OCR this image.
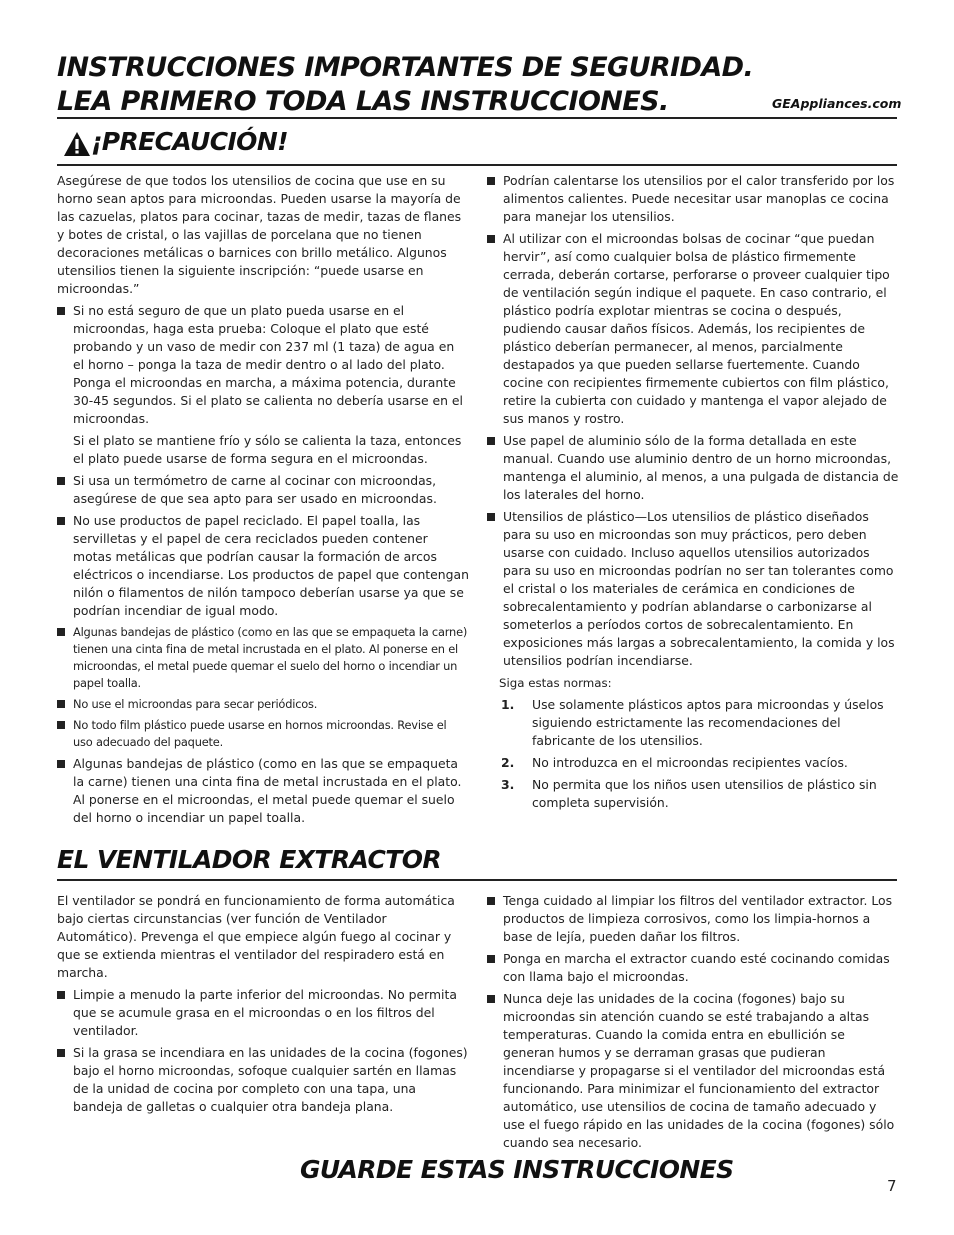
INSTRUCCIONES IMPORTANTES DE SEGURIDAD.
LEA PRIMERO TODA LAS INSTRUCCIONES.	GEAppliances.com
¡PRECAUCIÓN!

Asegúrese de que todos los utensilios de cocina que use en su horno sean aptos para microondas. Pueden usarse la mayoría de las cazuelas, platos para cocinar, tazas de medir, tazas de flanes y botes de cristal, o las vajillas de porcelana que no tienen decoraciones metálicas o barnices con brillo metálico. Algunos utensilios tienen la siguiente inscripción: “puede usarse en microondas.”

Si no está seguro de que un plato pueda usarse en el microondas, haga esta prueba: Coloque el plato que esté probando y un vaso de medir con 237 ml (1 taza) de agua en el horno – ponga la taza de medir dentro o al lado del plato. Ponga el microondas en marcha, a máxima potencia, durante 30-45 segundos. Si el plato se calienta no debería usarse en el microondas.
Si el plato se mantiene frío y sólo se calienta la taza, entonces el plato puede usarse de forma segura en el microondas.
Si usa un termómetro de carne al cocinar con microondas, asegúrese de que sea apto para ser usado en microondas.
No use productos de papel reciclado. El papel toalla, las servilletas y el papel de cera reciclados pueden contener motas metálicas que podrían causar la formación de arcos eléctricos o incendiarse. Los productos de papel que contengan nilón o filamentos de nilón tampoco deberían usarse ya que se podrían incendiar de igual modo.
Algunas bandejas de plástico (como en las que se empaqueta la carne) tienen una cinta fina de metal incrustada en el plato. Al ponerse en el microondas, el metal puede quemar el suelo del horno o incendiar un papel toalla.
No use el microondas para secar periódicos.
No todo film plástico puede usarse en hornos microondas. Revise el uso adecuado del paquete.
Algunas bandejas de plástico (como en las que se empaqueta la carne) tienen una cinta fina de metal incrustada en el plato. Al ponerse en el microondas, el metal puede quemar el suelo del horno o incendiar un papel toalla.
Podrían calentarse los utensilios por el calor transferido por los alimentos calientes. Puede necesitar usar manoplas ce cocina para manejar los utensilios.
Al utilizar con el microondas bolsas de cocinar “que puedan hervir”, así como cualquier bolsa de plástico firmemente cerrada, deberán cortarse, perforarse o proveer cualquier tipo de ventilación según indique el paquete. En caso contrario, el plástico podría explotar mientras se cocina o después, pudiendo causar daños físicos. Además, los recipientes de plástico deberían permanecer, al menos, parcialmente destapados ya que pueden sellarse fuertemente. Cuando cocine con recipientes firmemente cubiertos con film plástico, retire la cubierta con cuidado y mantenga el vapor alejado de sus manos y rostro.
Use papel de aluminio sólo de la forma detallada en este manual. Cuando use aluminio dentro de un horno microondas, mantenga el aluminio, al menos, a una pulgada de distancia de los laterales del horno.
Utensilios de plástico—Los utensilios de plástico diseñados para su uso en microondas son muy prácticos, pero deben usarse con cuidado. Incluso aquellos utensilios autorizados para su uso en microondas podrían no ser tan tolerantes como el cristal o los materiales de cerámica en condiciones de sobrecalentamiento y podrían ablandarse o carbonizarse al someterlos a períodos cortos de sobrecalentamiento. En exposiciones más largas a sobrecalentamiento, la comida y los utensilios podrían incendiarse.
Siga estas normas:
1. Use solamente plásticos aptos para microondas y úselos siguiendo estrictamente las recomendaciones del fabricante de los utensilios.
2. No introduzca en el microondas recipientes vacíos.
3. No permita que los niños usen utensilios de plástico sin completa supervisión.
EL VENTILADOR EXTRACTOR

El ventilador se pondrá en funcionamiento de forma automática bajo ciertas circunstancias (ver función de Ventilador Automático). Prevenga el que empiece algún fuego al cocinar y que se extienda mientras el ventilador del respiradero está en marcha.

Limpie a menudo la parte inferior del microondas. No permita que se acumule grasa en el microondas o en los filtros del ventilador.
Si la grasa se incendiara en las unidades de la cocina (fogones) bajo el horno microondas, sofoque cualquier sartén en llamas de la unidad de cocina por completo con una tapa, una bandeja de galletas o cualquier otra bandeja plana.
Tenga cuidado al limpiar los filtros del ventilador extractor. Los productos de limpieza corrosivos, como los limpia-hornos a base de lejía, pueden dañar los filtros.
Ponga en marcha el extractor cuando esté cocinando comidas con llama bajo el microondas.
Nunca deje las unidades de la cocina (fogones) bajo su microondas sin atención cuando se esté trabajando a altas temperaturas. Cuando la comida entra en ebullición se generan humos y se derraman grasas que pudieran incendiarse y propagarse si el ventilador del microondas está funcionando. Para minimizar el funcionamiento del extractor automático, use utensilios de cocina de tamaño adecuado y use el fuego rápido en las unidades de la cocina (fogones) sólo cuando sea necesario.
GUARDE ESTAS INSTRUCCIONES
7
